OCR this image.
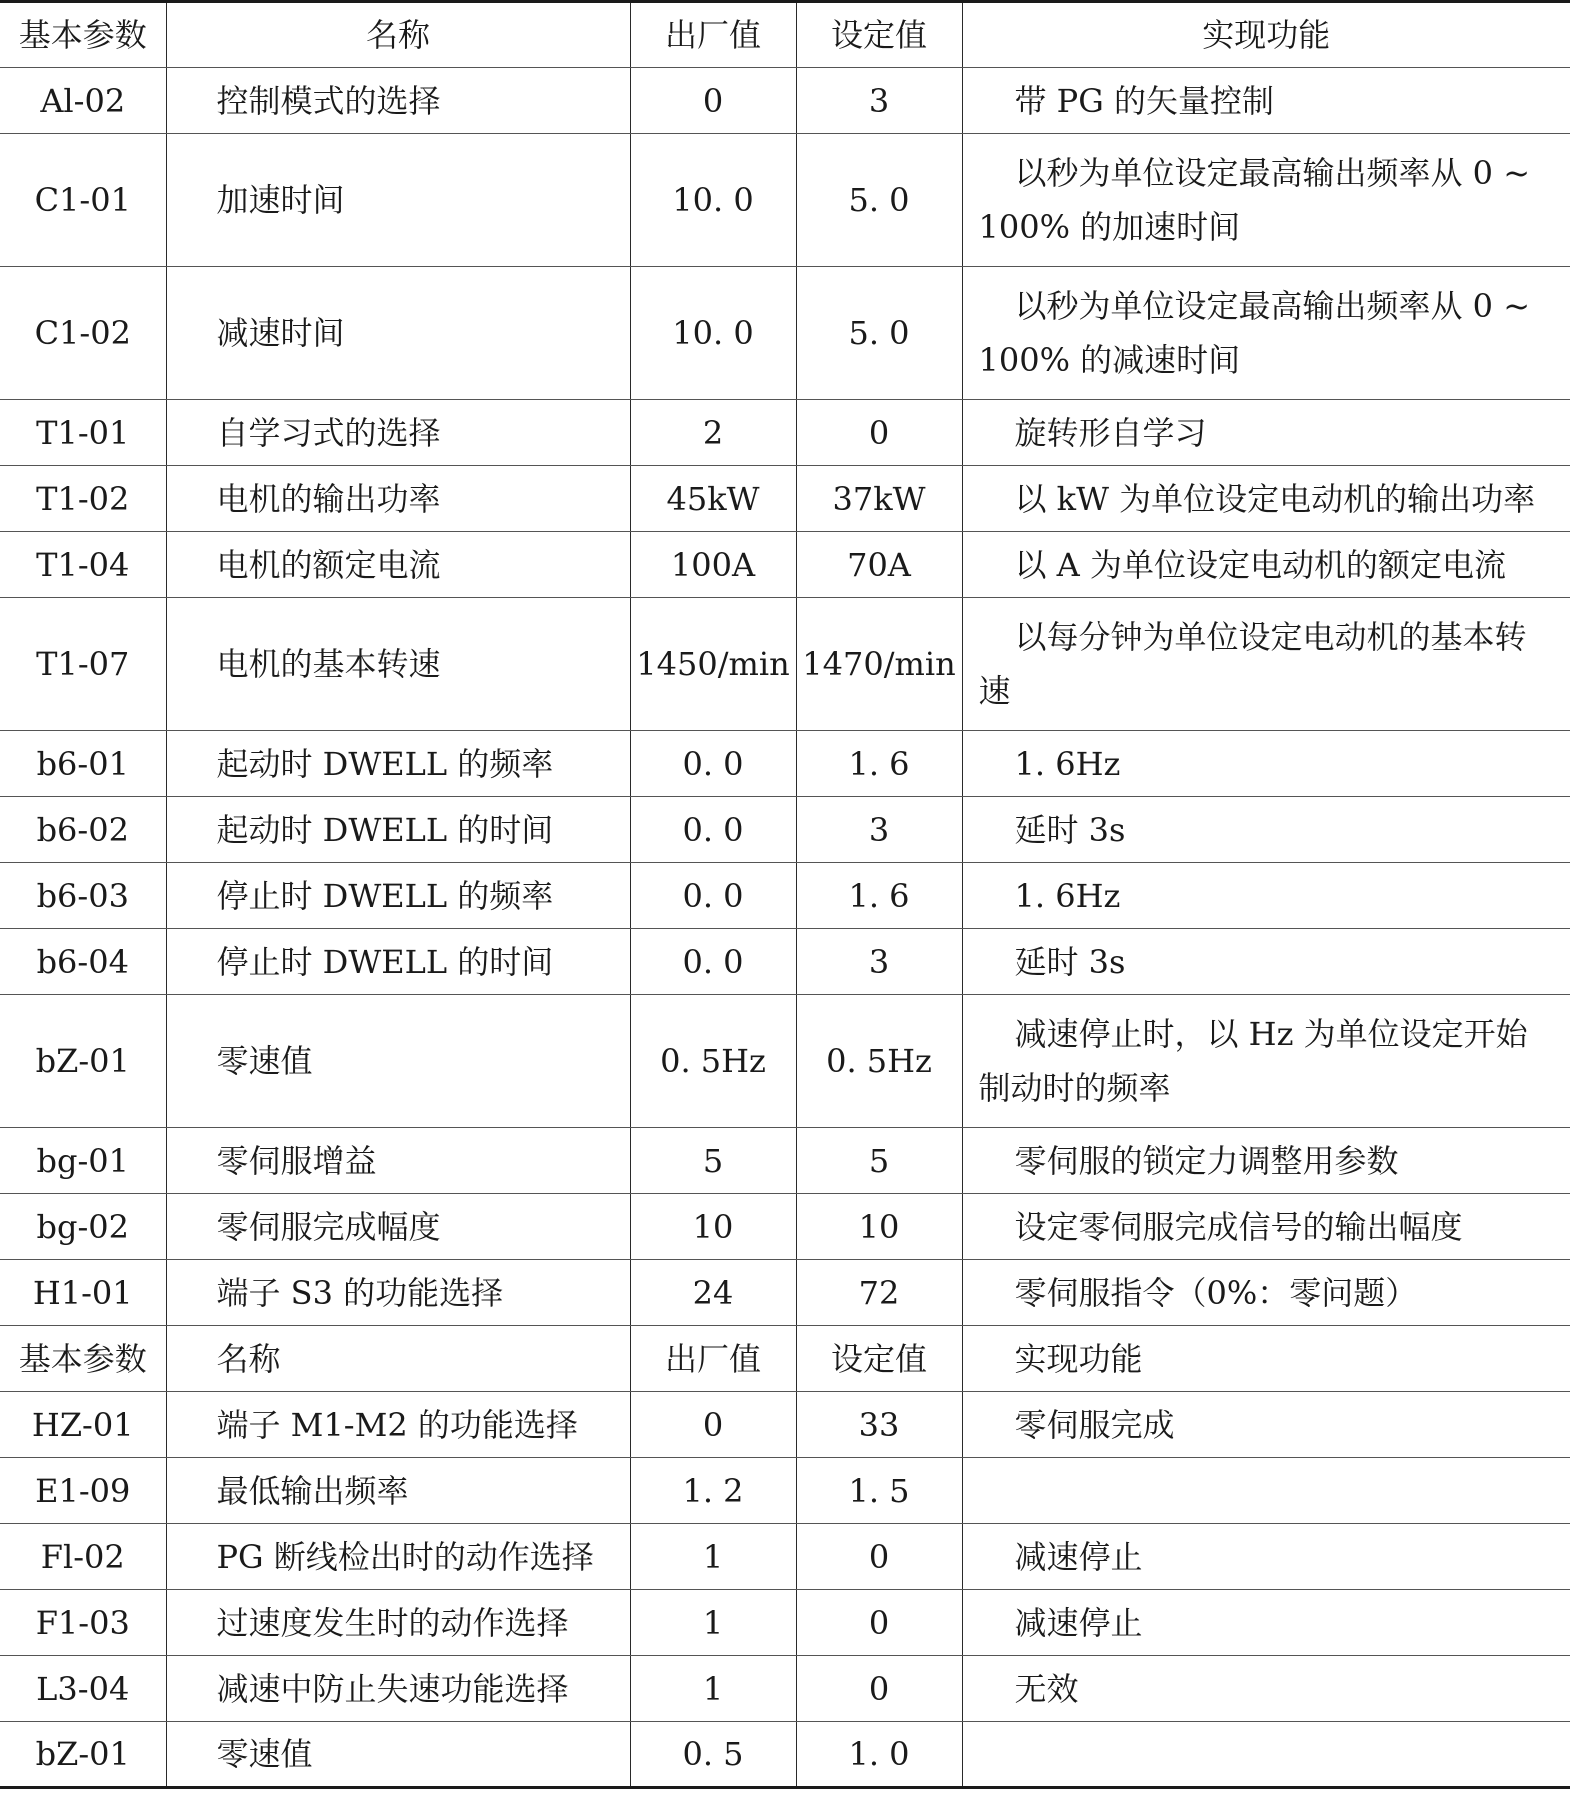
基本参数	名称	出厂值	设定值	实现功能
Al-02	控制模式的选择	0	3	带 PG 的矢量控制
C1-01	加速时间	10. 0	5. 0	以秒为单位设定最高输出频率从 0 ~ 100% 的加速时间
C1-02	减速时间	10. 0	5. 0	以秒为单位设定最高输出频率从 0 ~ 100% 的减速时间
T1-01	自学习式的选择	2	0	旋转形自学习
T1-02	电机的输出功率	45kW	37kW	以 kW 为单位设定电动机的输出功率
T1-04	电机的额定电流	100A	70A	以 A 为单位设定电动机的额定电流
T1-07	电机的基本转速	1450/min	1470/min	以每分钟为单位设定电动机的基本转速
b6-01	起动时 DWELL 的频率	0. 0	1. 6	1. 6Hz
b6-02	起动时 DWELL 的时间	0. 0	3	延时 3s
b6-03	停止时 DWELL 的频率	0. 0	1. 6	1. 6Hz
b6-04	停止时 DWELL 的时间	0. 0	3	延时 3s
bZ-01	零速值	0. 5Hz	0. 5Hz	减速停止时，以 Hz 为单位设定开始制动时的频率
bg-01	零伺服增益	5	5	零伺服的锁定力调整用参数
bg-02	零伺服完成幅度	10	10	设定零伺服完成信号的输出幅度
H1-01	端子 S3 的功能选择	24	72	零伺服指令（0%：零问题）
基本参数	名称	出厂值	设定值	实现功能
HZ-01	端子 M1-M2 的功能选择	0	33	零伺服完成
E1-09	最低输出频率	1. 2	1. 5	
Fl-02	PG 断线检出时的动作选择	1	0	减速停止
F1-03	过速度发生时的动作选择	1	0	减速停止
L3-04	减速中防止失速功能选择	1	0	无效
bZ-01	零速值	0. 5	1. 0	
